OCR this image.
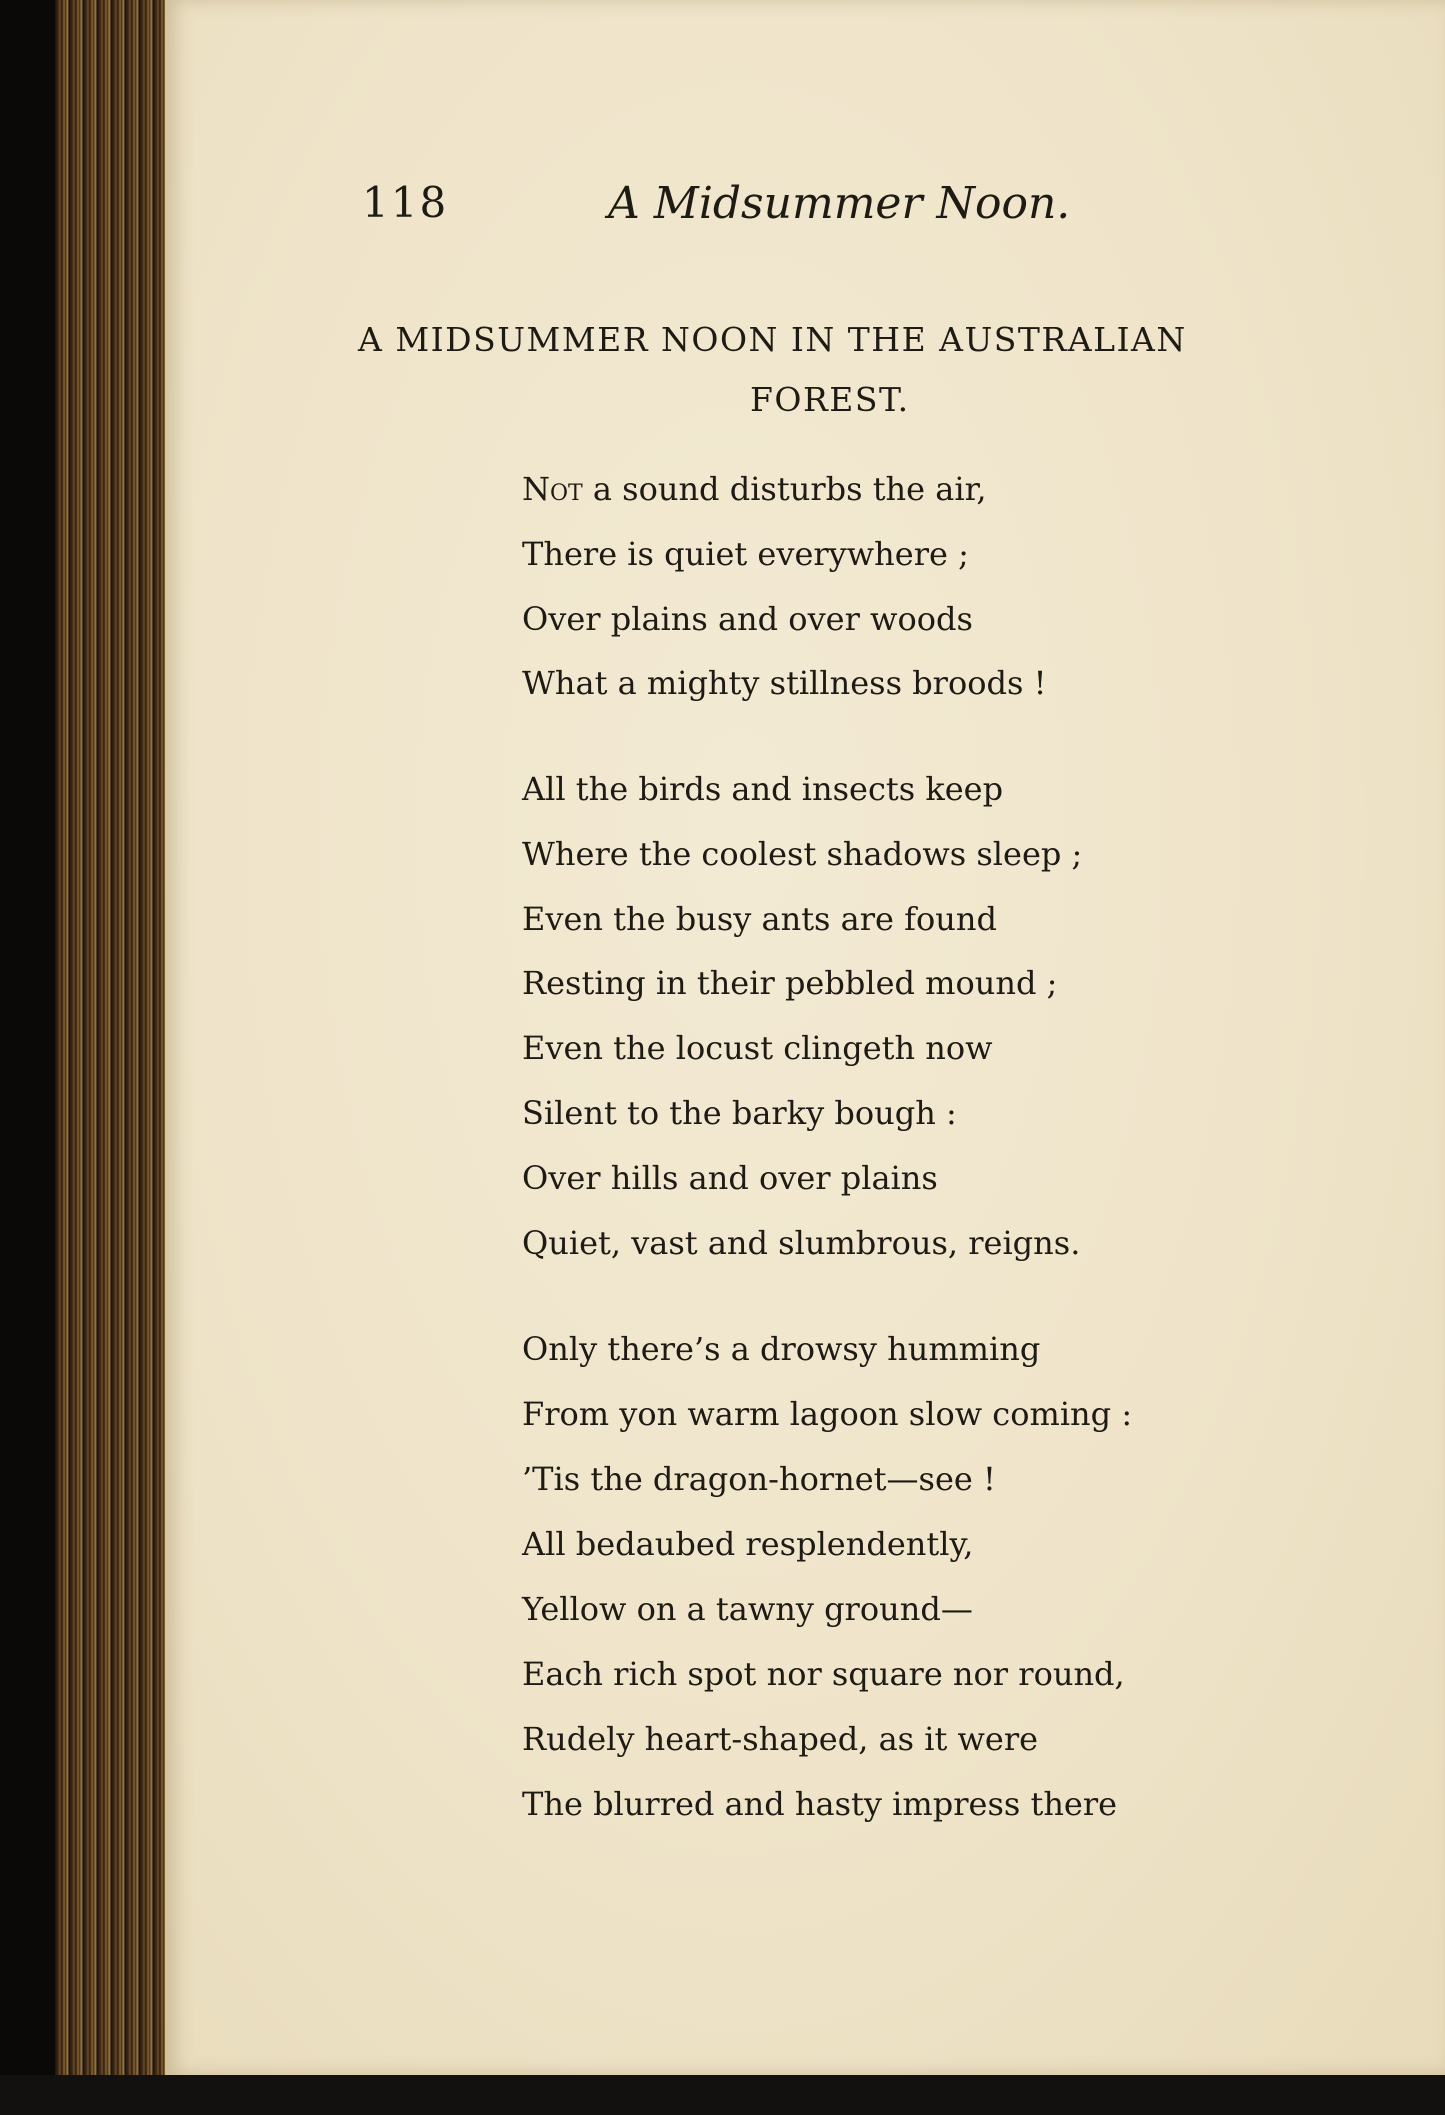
118	A Midsummer Noon.
A MIDSUMMER NOON IN THE AUSTRALIAN
FOREST.
Not a sound disturbs the air,
There is quiet everywhere ;
Over plains and over woods
What a mighty stillness broods !
All the birds and insects keep
Where the coolest shadows sleep ;
Even the busy ants are found
Resting in their pebbled mound ;
Even the locust clingeth now
Silent to the barky bough :
Over hills and over plains
Quiet, vast and slumbrous, reigns.
Only there’s a drowsy humming
From yon warm lagoon slow coming :
’Tis the dragon-hornet—see !
All bedaubed resplendently,
Yellow on a tawny ground—
Each rich spot nor square nor round,
Rudely heart-shaped, as it were
The blurred and hasty impress there
